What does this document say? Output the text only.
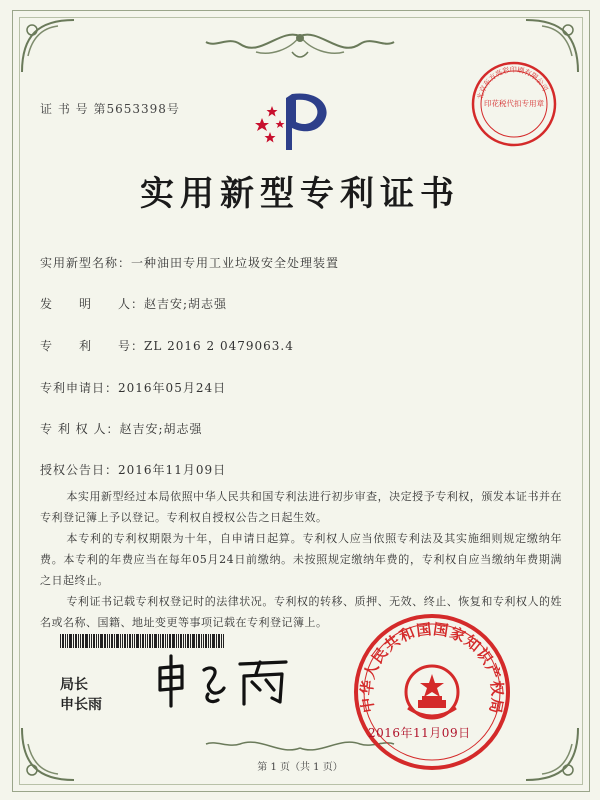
证 书 号 第5653398号
北京东方亮彩印刷有限公司
印花税代扣专用章
实用新型专利证书
实用新型名称：一种油田专用工业垃圾安全处理装置
发　　明　　人：赵吉安;胡志强
专　　利　　号：ZL 2016 2 0479063.4
专利申请日：2016年05月24日
专 利 权 人：赵吉安;胡志强
授权公告日：2016年11月09日

本实用新型经过本局依照中华人民共和国专利法进行初步审查，决定授予专利权，颁发本证书并在专利登记簿上予以登记。专利权自授权公告之日起生效。

本专利的专利权期限为十年，自申请日起算。专利权人应当依照专利法及其实施细则规定缴纳年费。本专利的年费应当在每年05月24日前缴纳。未按照规定缴纳年费的，专利权自应当缴纳年费期满之日起终止。

专利证书记载专利权登记时的法律状况。专利权的转移、质押、无效、终止、恢复和专利权人的姓名或名称、国籍、地址变更等事项记载在专利登记簿上。

局长
申长雨	中华人民共和国国家知识产权局
2016年11月09日
第 1 页（共 1 页）
